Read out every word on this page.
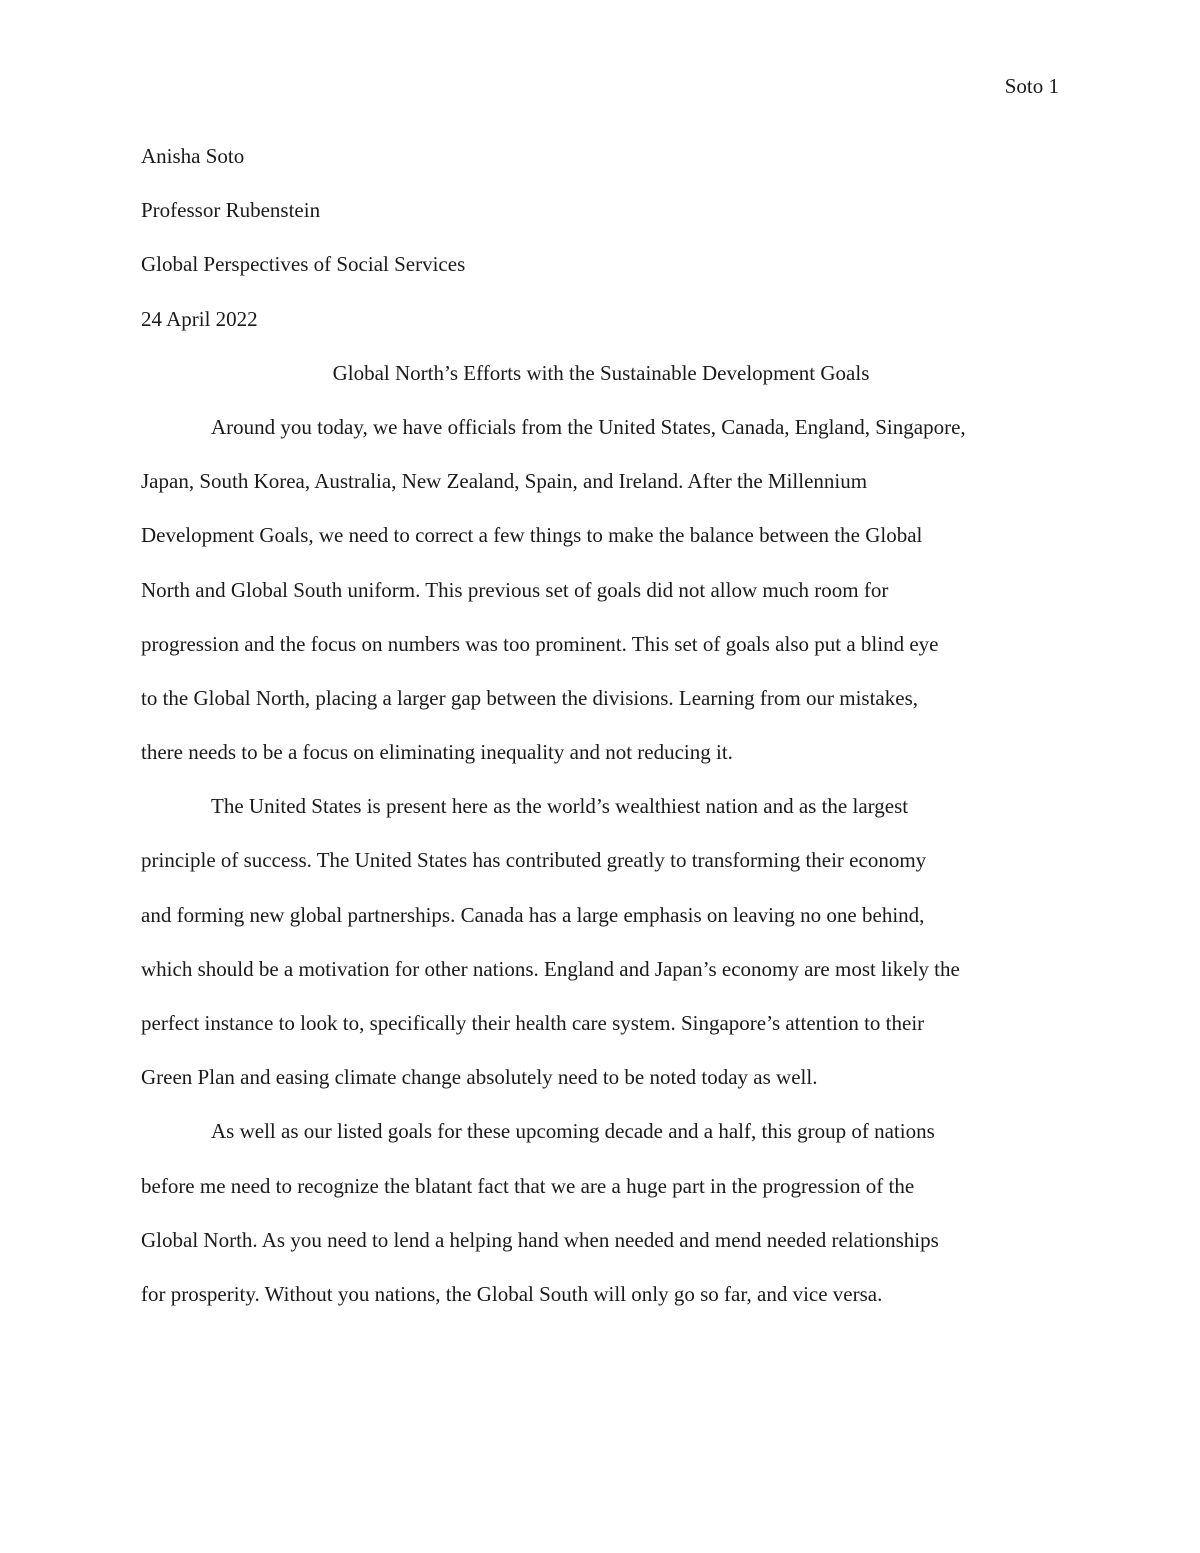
Soto 1
Anisha Soto
Professor Rubenstein
Global Perspectives of Social Services
24 April 2022
Global North’s Efforts with the Sustainable Development Goals
Around you today, we have officials from the United States, Canada, England, Singapore,
Japan, South Korea, Australia, New Zealand, Spain, and Ireland. After the Millennium
Development Goals, we need to correct a few things to make the balance between the Global
North and Global South uniform. This previous set of goals did not allow much room for
progression and the focus on numbers was too prominent. This set of goals also put a blind eye
to the Global North, placing a larger gap between the divisions. Learning from our mistakes,
there needs to be a focus on eliminating inequality and not reducing it.
The United States is present here as the world’s wealthiest nation and as the largest
principle of success. The United States has contributed greatly to transforming their economy
and forming new global partnerships. Canada has a large emphasis on leaving no one behind,
which should be a motivation for other nations. England and Japan’s economy are most likely the
perfect instance to look to, specifically their health care system. Singapore’s attention to their
Green Plan and easing climate change absolutely need to be noted today as well.
As well as our listed goals for these upcoming decade and a half, this group of nations
before me need to recognize the blatant fact that we are a huge part in the progression of the
Global North. As you need to lend a helping hand when needed and mend needed relationships
for prosperity. Without you nations, the Global South will only go so far, and vice versa.
